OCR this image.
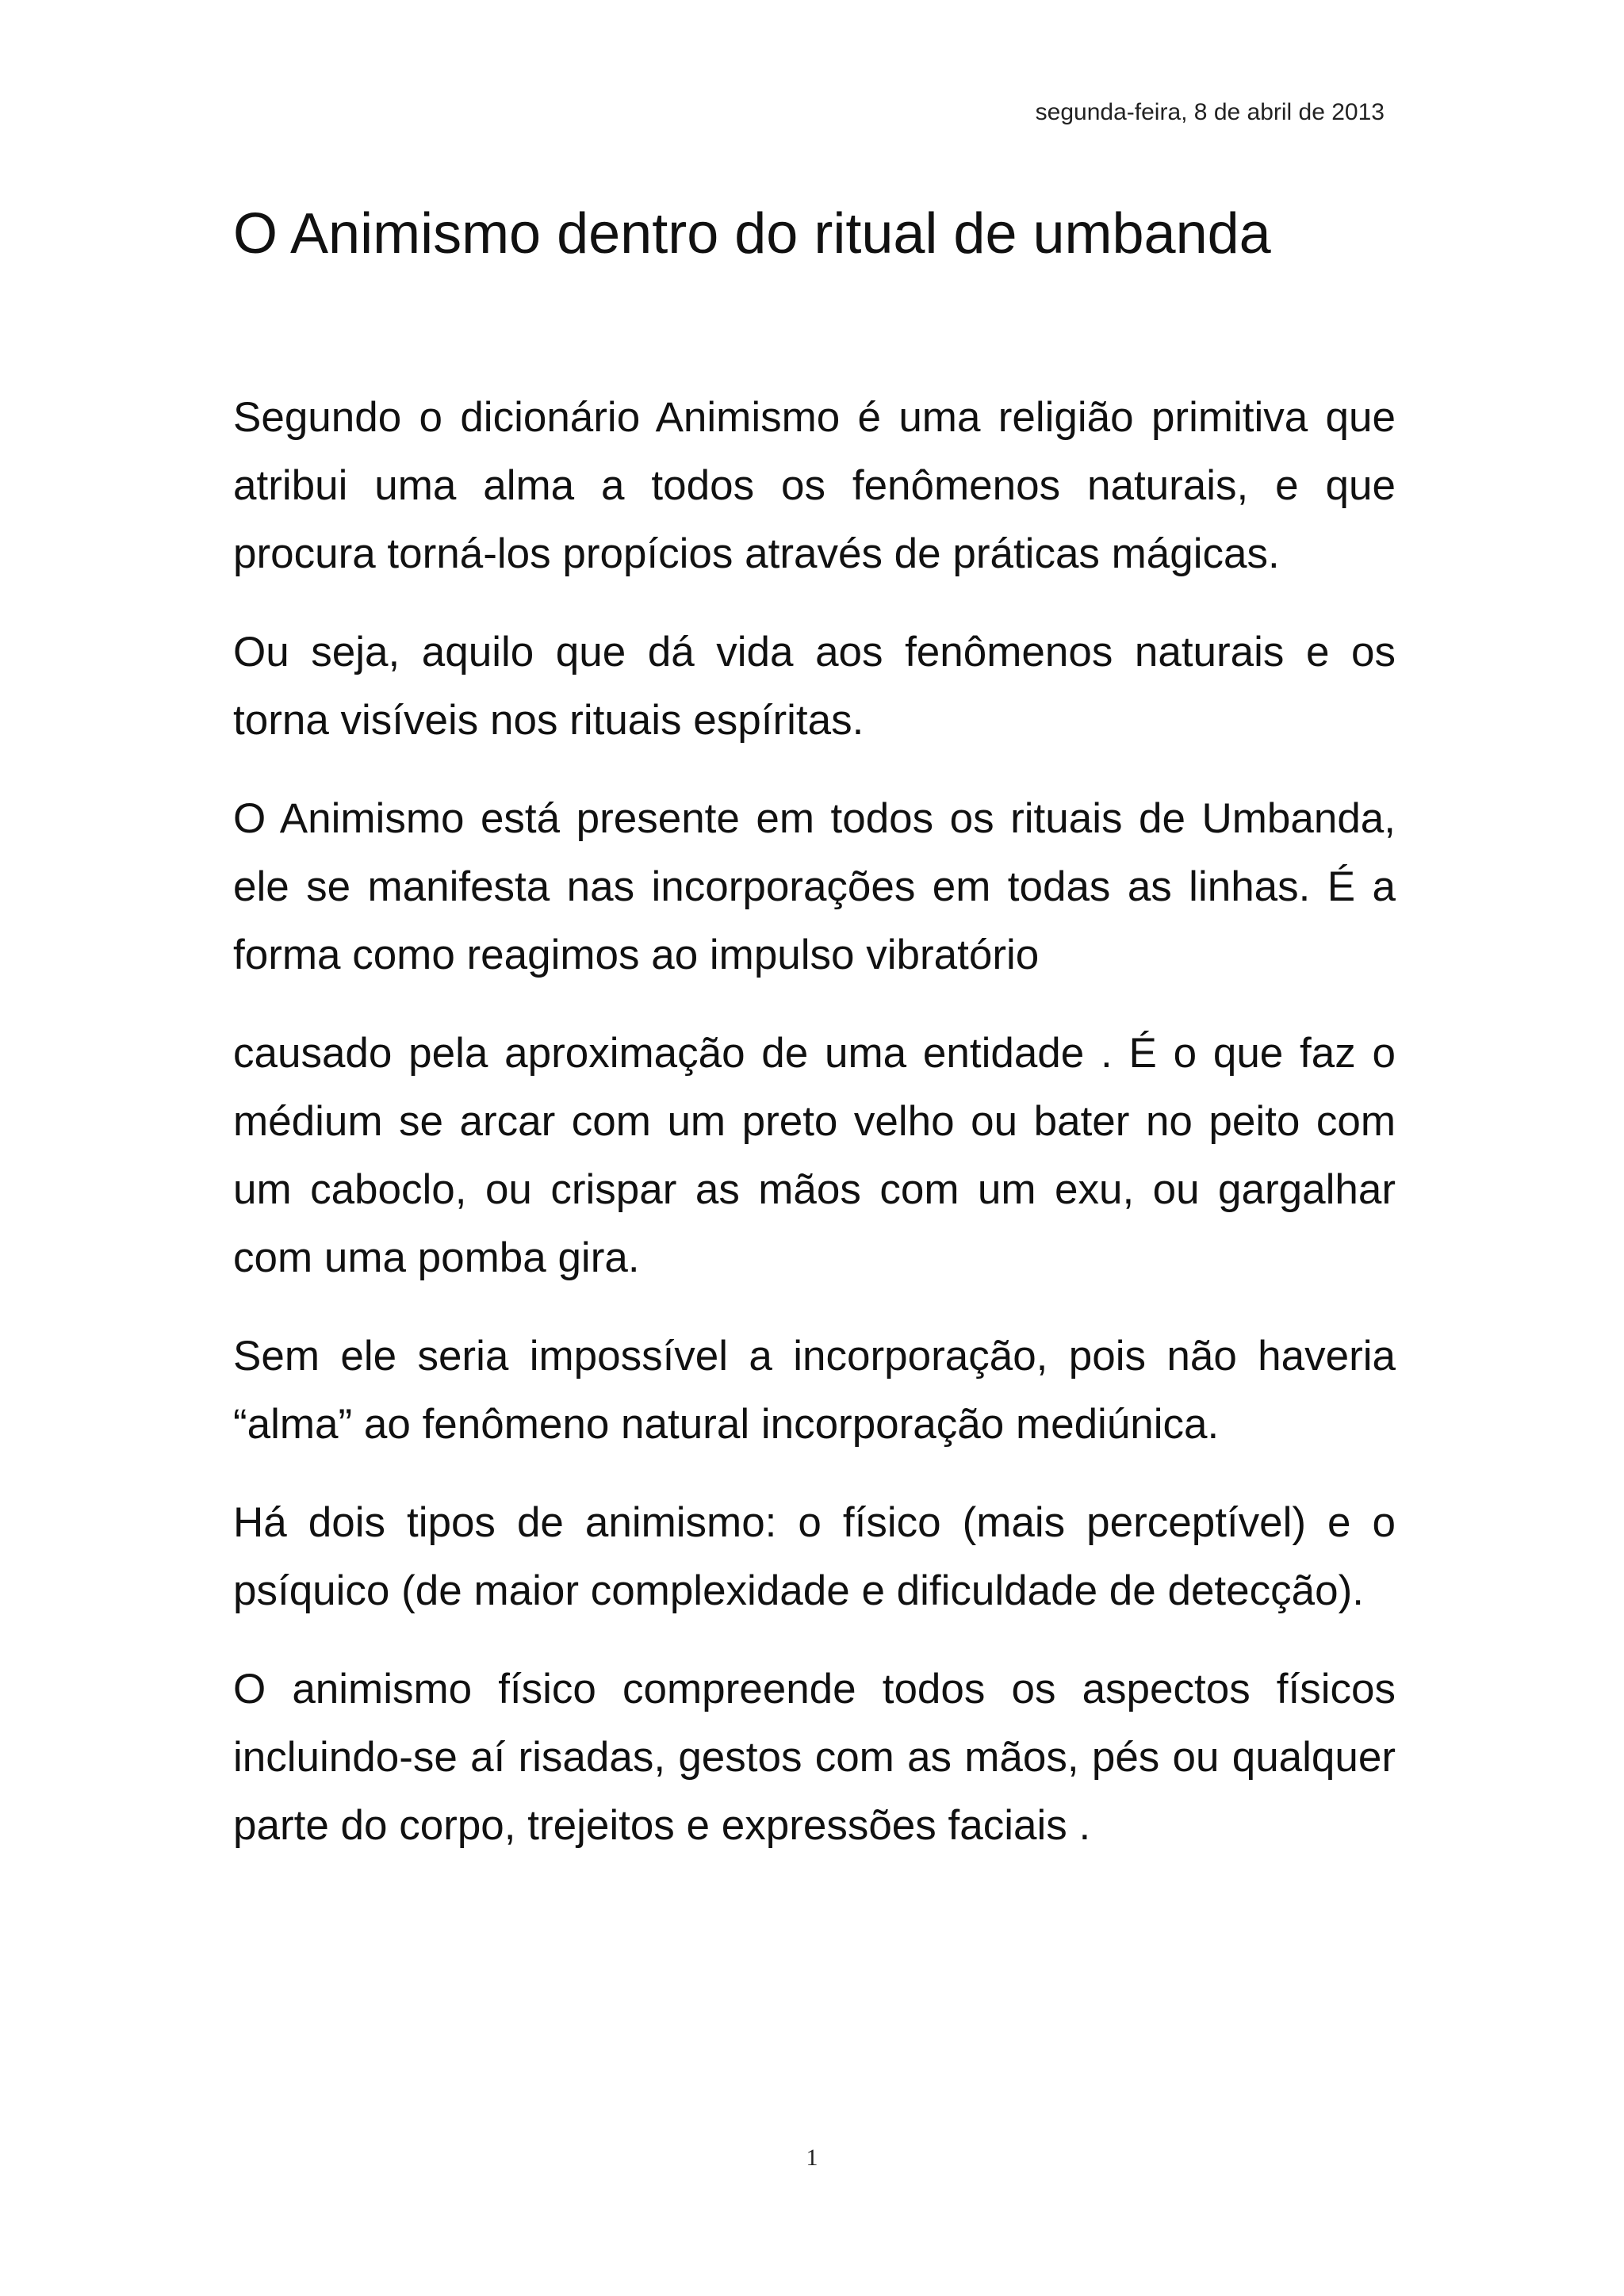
segunda-feira, 8 de abril de 2013
O Animismo dentro do ritual de umbanda

Segundo o dicionário Animismo é uma religião primitiva que atribui uma alma a todos os fenômenos naturais, e que procura torná-los propícios através de práticas mágicas.

Ou seja, aquilo que dá vida aos fenômenos naturais e os torna visíveis nos rituais espíritas.

O Animismo está presente em todos os rituais de Umbanda, ele se manifesta nas incorporações em todas as linhas. É a forma como reagimos ao impulso vibratório

causado pela aproximação de uma entidade . É o que faz o médium se arcar com um preto velho ou bater no peito com um caboclo, ou crispar as mãos com um exu, ou gargalhar com uma pomba gira.

Sem ele seria impossível a incorporação, pois não haveria “alma” ao fenômeno natural incorporação mediúnica.

Há dois tipos de animismo: o físico (mais perceptível) e o psíquico (de maior complexidade e dificuldade de detecção).

O animismo físico compreende todos os aspectos físicos incluindo-se aí risadas, gestos com as mãos, pés ou qualquer parte do corpo, trejeitos e expressões faciais .

1
